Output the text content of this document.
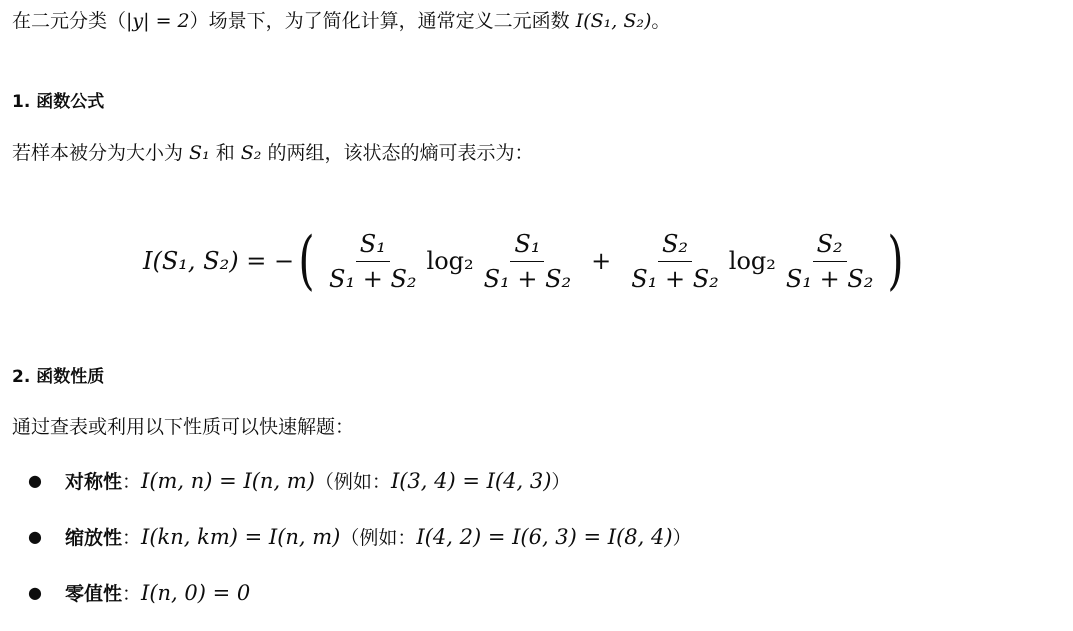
在二元分类（|y| = 2）场景下，为了简化计算，通常定义二元函数 I(S₁, S₂)。

1. 函数公式

若样本被分为大小为 S₁ 和 S₂ 的两组，该状态的熵可表示为：

I(S₁, S₂) = − ( $\frac{\text{S₁}}{\text{S₁ + S₂}} \log_2 \frac{\text{S₁}}{\text{S₁ + S₂}} + \frac{\text{S₂}}{\text{S₁ + S₂}} \log_2 \frac{\text{S₂}}{\text{S₁ + S₂}}$ )
2. 函数性质

通过查表或利用以下性质可以快速解题：

● 对称性：I(m, n) = I(n, m)（例如：I(3, 4) = I(4, 3)）
● 缩放性：I(kn, km) = I(n, m)（例如：I(4, 2) = I(6, 3) = I(8, 4)）
● 零值性：I(n, 0) = 0
